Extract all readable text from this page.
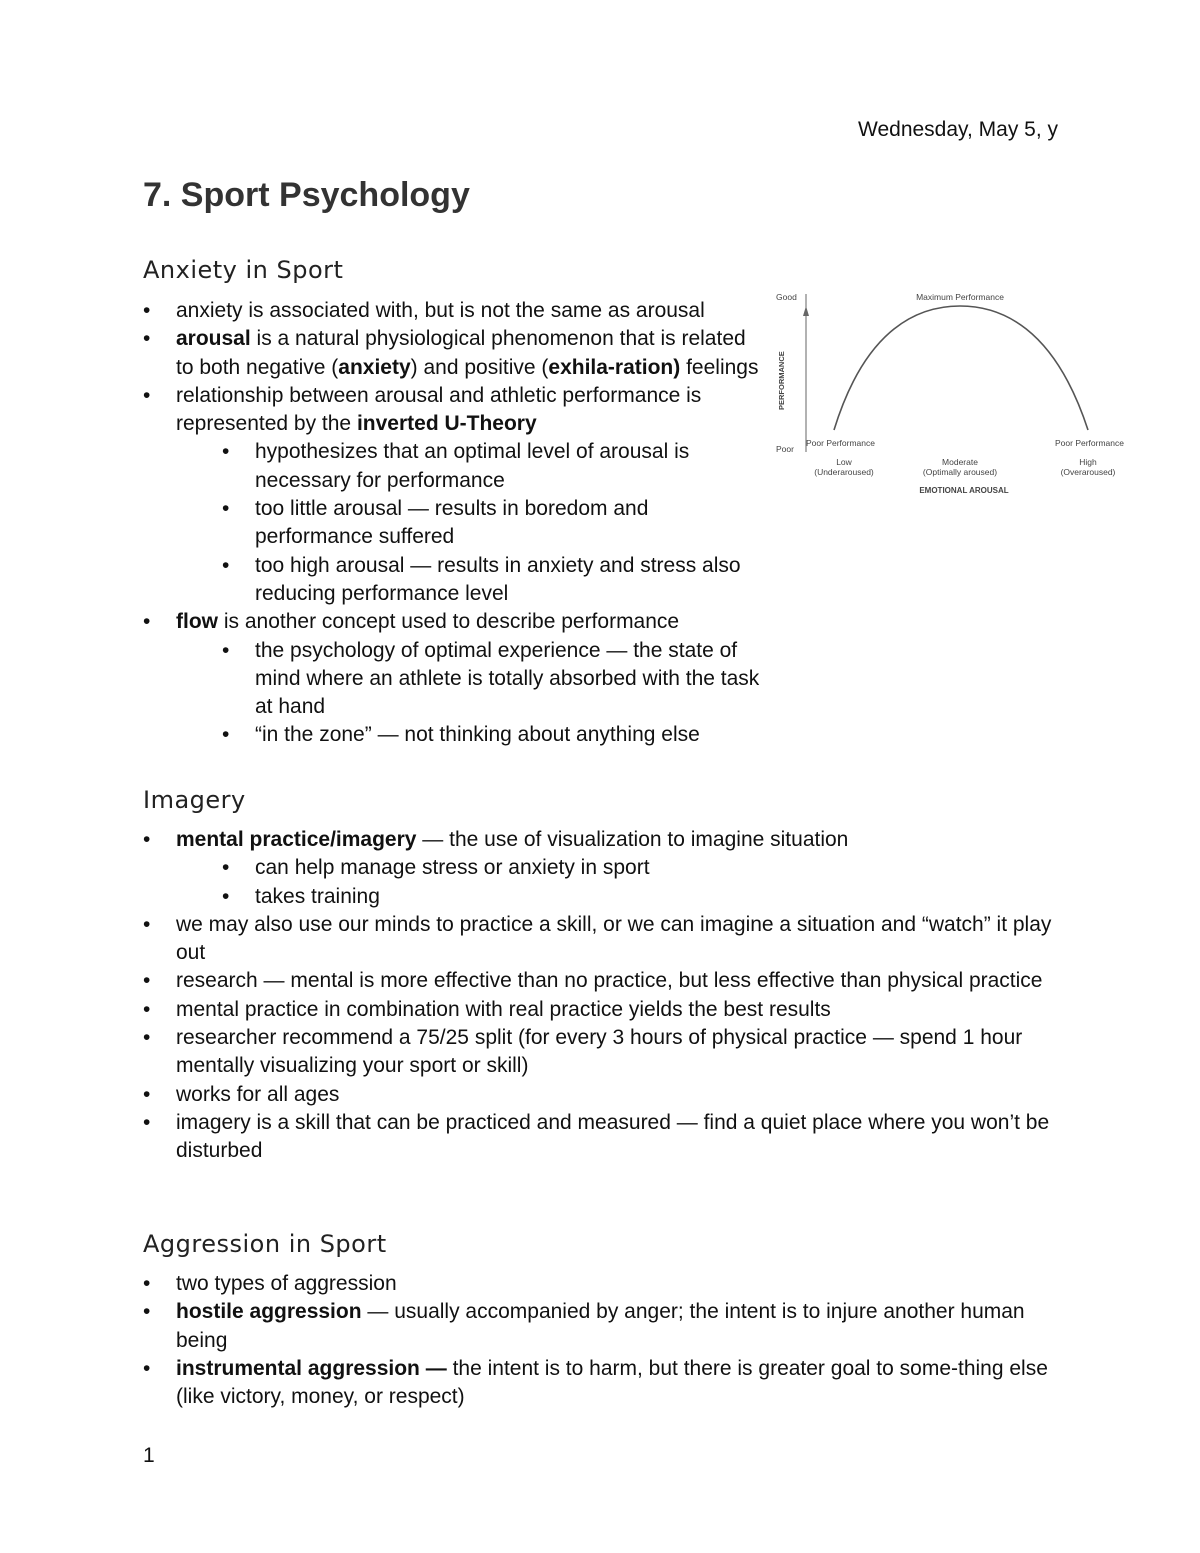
Wednesday, May 5, y
7. Sport Psychology
Anxiety in Sport
• anxiety is associated with, but is not the same as arousal
• arousal is a natural physiological phenomenon that is related to both negative (anxiety) and positive (exhila-ration) feelings
• relationship between arousal and athletic performance is represented by the inverted U-Theory
• hypothesizes that an optimal level of arousal is necessary for performance
• too little arousal — results in boredom and performance suffered
• too high arousal — results in anxiety and stress also reducing performance level
• flow is another concept used to describe performance
• the psychology of optimal experience — the state of mind where an athlete is totally absorbed with the task at hand
• “in the zone” — not thinking about anything else
Good
Poor
PERFORMANCE
Maximum Performance
Poor Performance	Poor Performance
Low
(Underaroused)
Moderate
(Optimally aroused)
High
(Overaroused)
EMOTIONAL AROUSAL
Imagery
• mental practice/imagery — the use of visualization to imagine situation
• can help manage stress or anxiety in sport
• takes training
• we may also use our minds to practice a skill, or we can imagine a situation and “watch” it play out
• research — mental is more effective than no practice, but less effective than physical practice
• mental practice in combination with real practice yields the best results
• researcher recommend a 75/25 split (for every 3 hours of physical practice — spend 1 hour mentally visualizing your sport or skill)
• works for all ages
• imagery is a skill that can be practiced and measured — find a quiet place where you won’t be disturbed
Aggression in Sport
• two types of aggression
• hostile aggression — usually accompanied by anger; the intent is to injure another human being
• instrumental aggression — the intent is to harm, but there is greater goal to some-thing else (like victory, money, or respect)
1
